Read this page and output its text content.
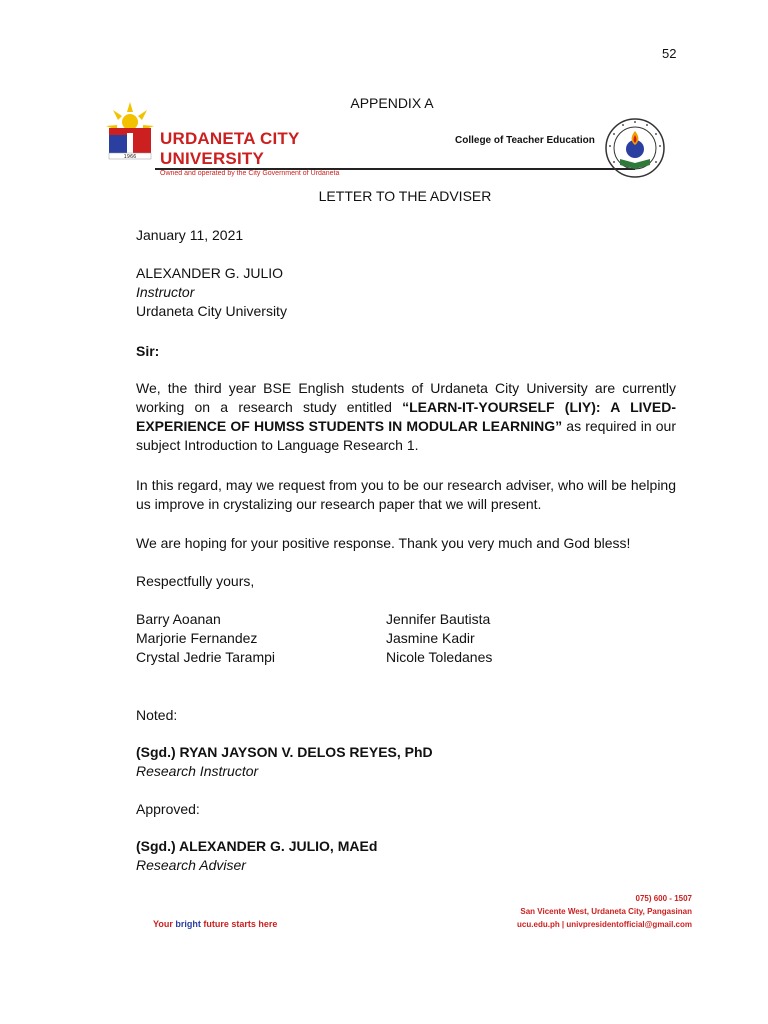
52
APPENDIX A
1966
URDANETA CITY
UNIVERSITY
Owned and operated by the City Government of Urdaneta
College of Teacher Education
LETTER TO THE ADVISER
January 11, 2021
ALEXANDER G. JULIO
Instructor
Urdaneta City University
Sir:
We, the third year BSE English students of Urdaneta City University are currently working on a research study entitled “LEARN-IT-YOURSELF (LIY): A LIVED-EXPERIENCE OF HUMSS STUDENTS IN MODULAR LEARNING” as required in our subject Introduction to Language Research 1.
In this regard, may we request from you to be our research adviser, who will be helping us improve in crystalizing our research paper that we will present.
We are hoping for your positive response. Thank you very much and God bless!
Respectfully yours,
Barry Aoanan
Marjorie Fernandez
Crystal Jedrie Tarampi
Jennifer Bautista
Jasmine Kadir
Nicole Toledanes
Noted:
(Sgd.) RYAN JAYSON V. DELOS REYES, PhD
Research Instructor
Approved:
(Sgd.) ALEXANDER G. JULIO, MAEd
Research Adviser
Your bright future starts here
075) 600 - 1507
San Vicente West, Urdaneta City, Pangasinan
ucu.edu.ph | univpresidentofficial@gmail.com
